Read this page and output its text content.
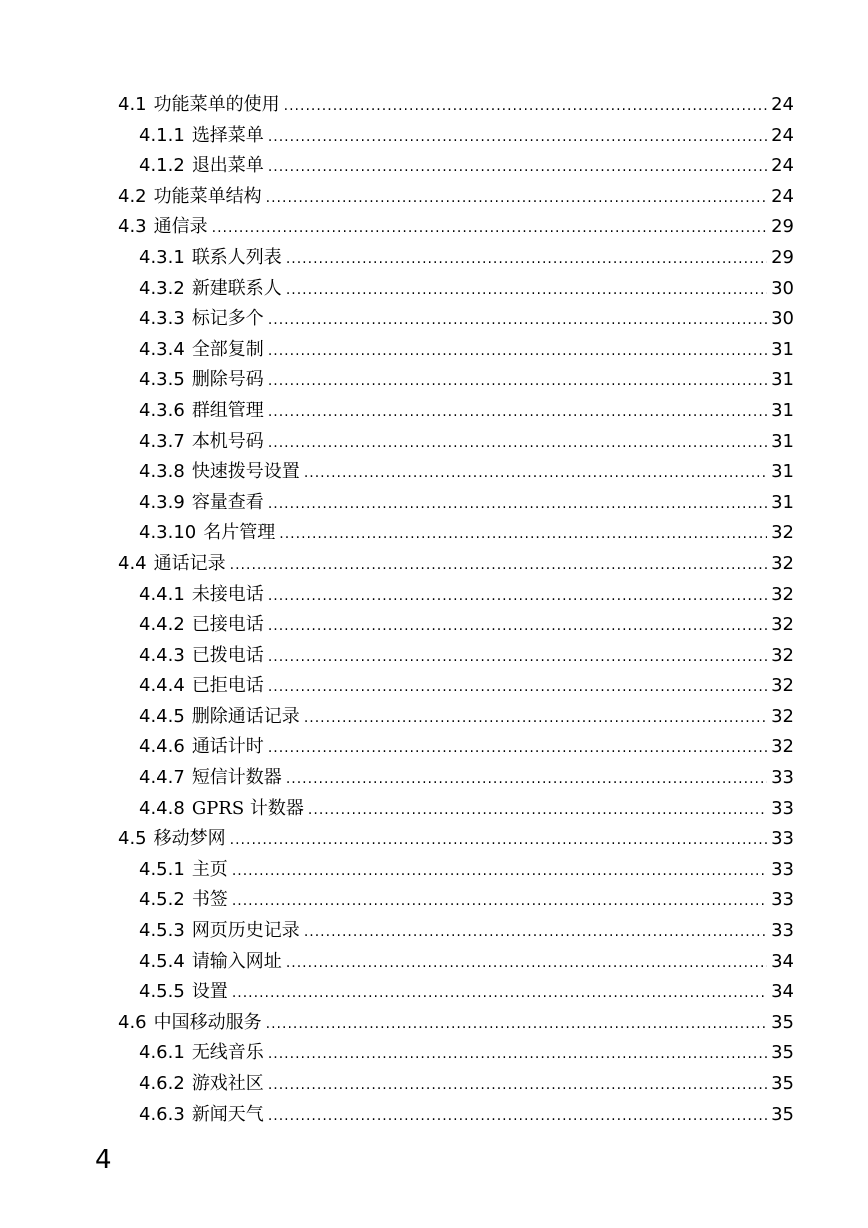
4.1 功能菜单的使用 .....	24
4.1.1 选择菜单 .....	24
4.1.2 退出菜单 .....	24
4.2 功能菜单结构 .....	24
4.3 通信录 .....	29
4.3.1 联系人列表 .....	29
4.3.2 新建联系人 .....	30
4.3.3 标记多个 .....	30
4.3.4 全部复制 .....	31
4.3.5 删除号码 .....	31
4.3.6 群组管理 .....	31
4.3.7 本机号码 .....	31
4.3.8 快速拨号设置 .....	31
4.3.9 容量查看 .....	31
4.3.10 名片管理 .....	32
4.4 通话记录 .....	32
4.4.1 未接电话 .....	32
4.4.2 已接电话 .....	32
4.4.3 已拨电话 .....	32
4.4.4 已拒电话 .....	32
4.4.5 删除通话记录 .....	32
4.4.6 通话计时 .....	32
4.4.7 短信计数器 .....	33
4.4.8 GPRS 计数器 .....	33
4.5 移动梦网 .....	33
4.5.1 主页 .....	33
4.5.2 书签 .....	33
4.5.3 网页历史记录 .....	33
4.5.4 请输入网址 .....	34
4.5.5 设置 .....	34
4.6 中国移动服务 .....	35
4.6.1 无线音乐 .....	35
4.6.2 游戏社区 .....	35
4.6.3 新闻天气 .....	35
4
